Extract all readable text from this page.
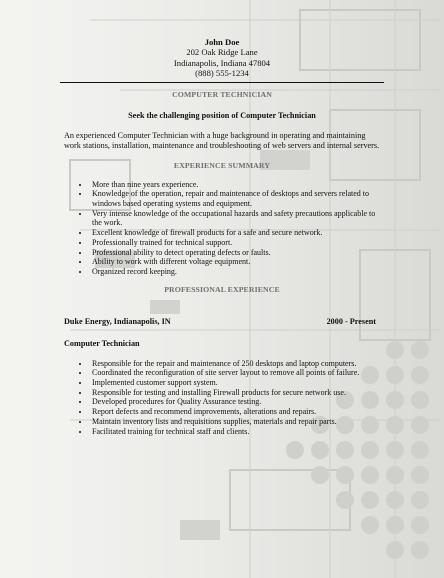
John Doe
202 Oak Ridge Lane
Indianapolis, Indiana 47804
(888) 555-1234
COMPUTER TECHNICIAN
Seek the challenging position of Computer Technician
An experienced Computer Technician with a huge background in operating and maintaining work stations, installation, maintenance and troubleshooting of web servers and internal servers.
EXPERIENCE SUMMARY
• More than nine years experience.
• Knowledge of the operation, repair and maintenance of desktops and servers related to windows based operating systems and equipment.
• Very intense knowledge of the occupational hazards and safety precautions applicable to the work.
• Excellent knowledge of firewall products for a safe and secure network.
• Professionally trained for technical support.
• Professional ability to detect operating defects or faults.
• Ability to work with different voltage equipment.
• Organized record keeping.
PROFESSIONAL EXPERIENCE
Duke Energy, Indianapolis, IN	2000 - Present
Computer Technician
• Responsible for the repair and maintenance of 250 desktops and laptop computers.
• Coordinated the reconfiguration of site server layout to remove all points of failure.
• Implemented customer support system.
• Responsible for testing and installing Firewall products for secure network use.
• Developed procedures for Quality Assurance testing.
• Report defects and recommend improvements, alterations and repairs.
• Maintain inventory lists and requisitions supplies, materials and repair parts.
• Facilitated training for technical staff and clients.
